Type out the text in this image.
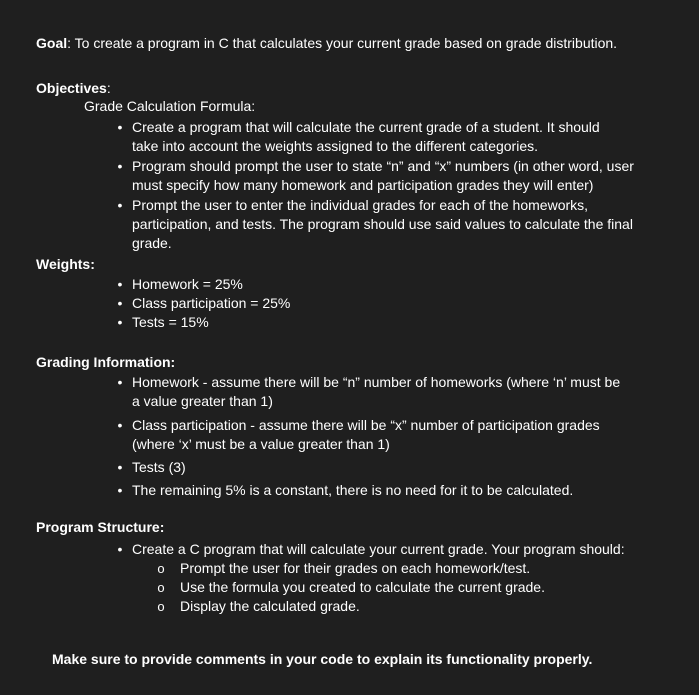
Goal: To create a program in C that calculates your current grade based on grade distribution.
Objectives:
Grade Calculation Formula:
• Create a program that will calculate the current grade of a student. It should
take into account the weights assigned to the different categories.
• Program should prompt the user to state “n” and “x” numbers (in other word, user
must specify how many homework and participation grades they will enter)
• Prompt the user to enter the individual grades for each of the homeworks,
participation, and tests. The program should use said values to calculate the final
grade.
Weights:
• Homework = 25%
• Class participation = 25%
• Tests = 15%
Grading Information:
• Homework - assume there will be “n” number of homeworks (where ‘n’ must be
a value greater than 1)
• Class participation - assume there will be “x” number of participation grades
(where ‘x’ must be a value greater than 1)
• Tests (3)
• The remaining 5% is a constant, there is no need for it to be calculated.
Program Structure:
• Create a C program that will calculate your current grade. Your program should:
o Prompt the user for their grades on each homework/test.
o Use the formula you created to calculate the current grade.
o Display the calculated grade.
Make sure to provide comments in your code to explain its functionality properly.
